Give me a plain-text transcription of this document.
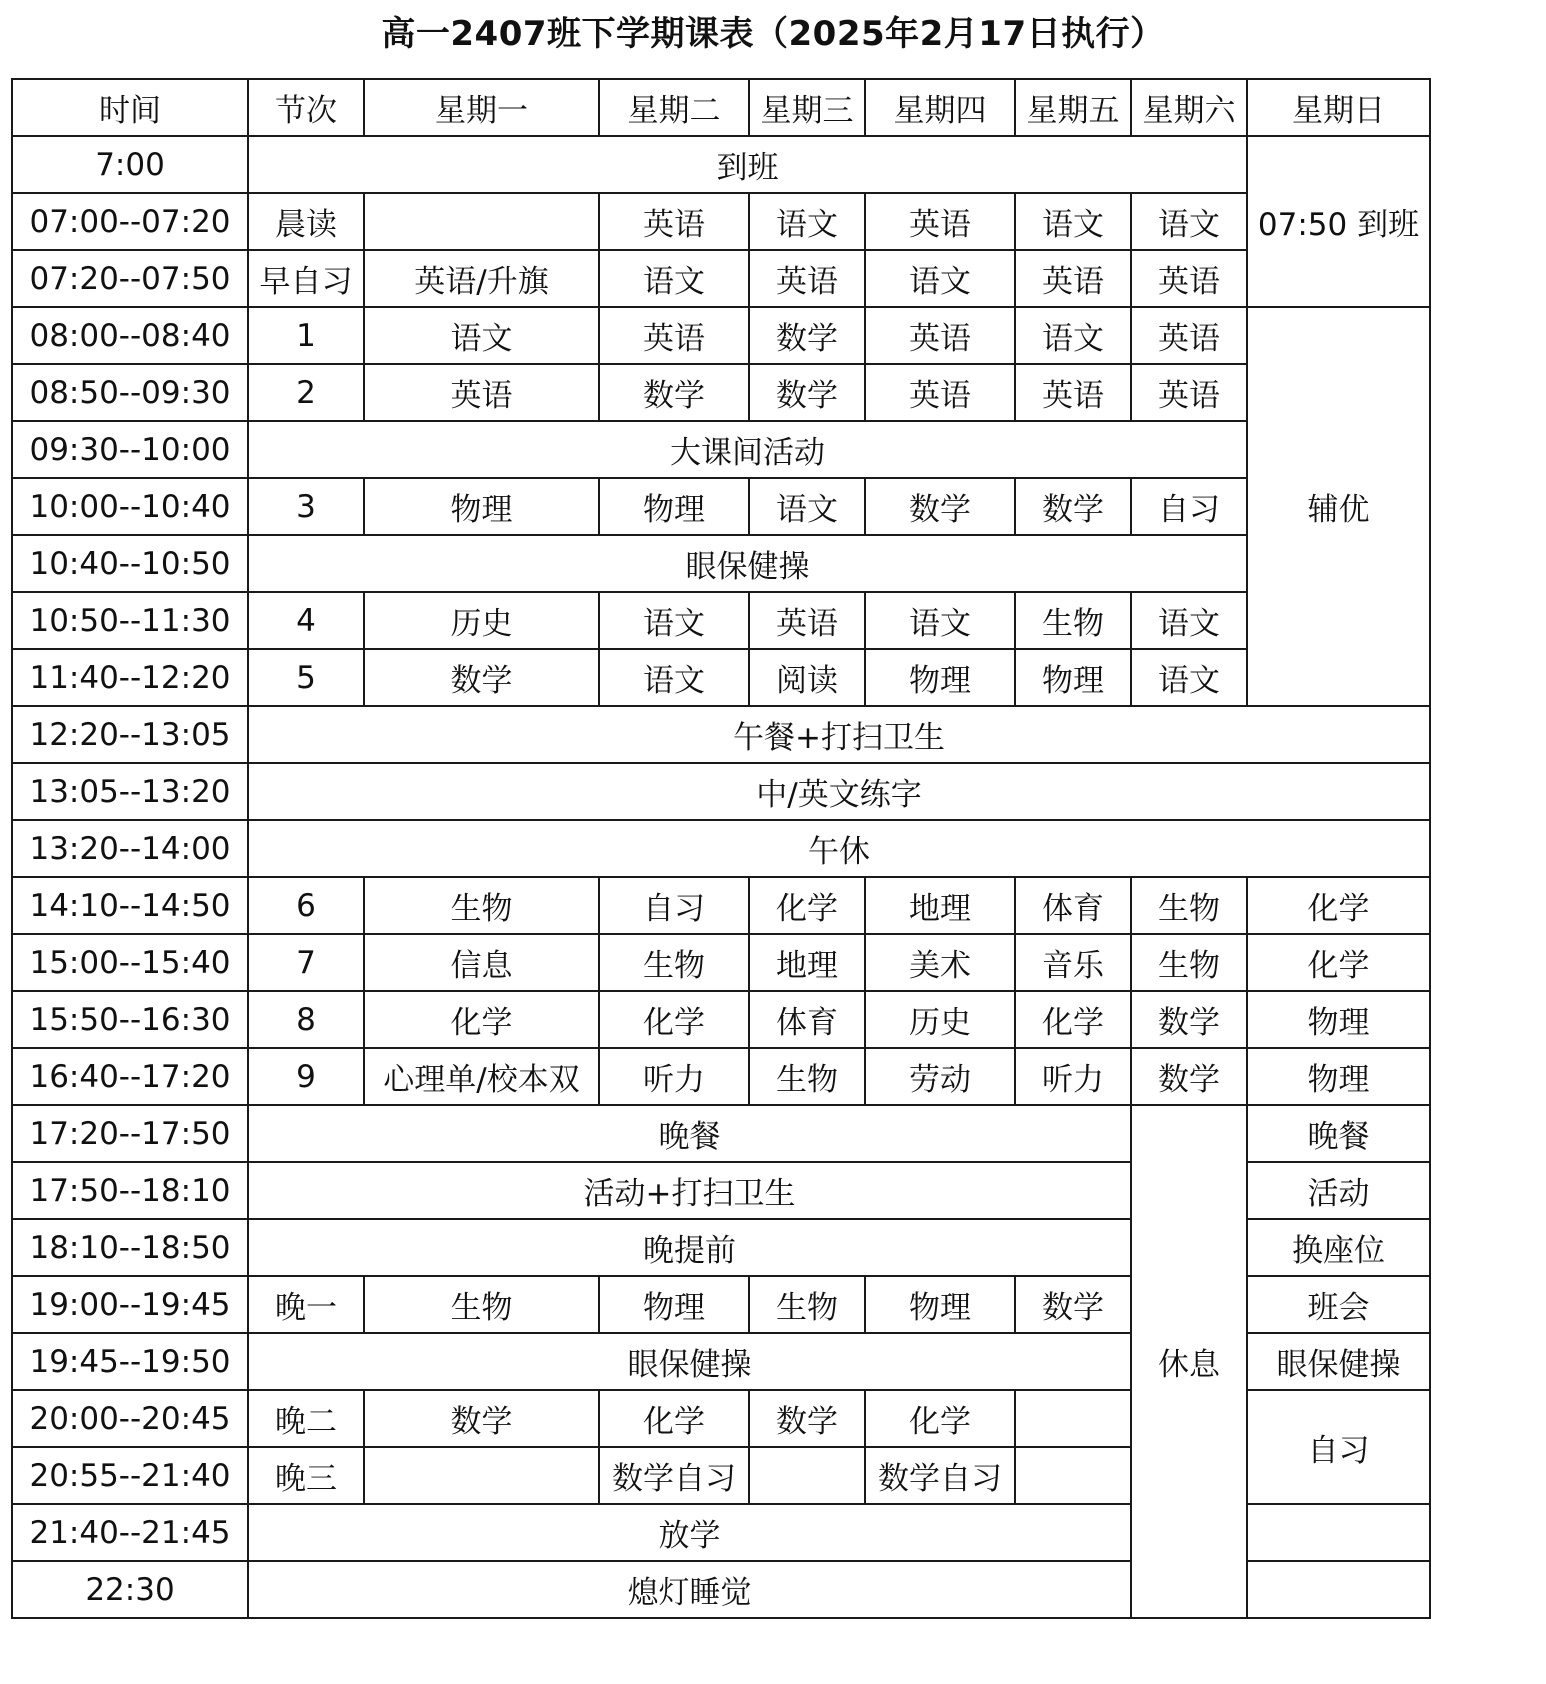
高一2407班下学期课表（2025年2月17日执行）
时间	节次	星期一	星期二	星期三	星期四	星期五	星期六	星期日
7:00	到班							07:50 到班
07:00--07:20	晨读		英语	语文	英语	语文	语文	
07:20--07:50	早自习	英语/升旗	语文	英语	语文	英语	英语	
08:00--08:40	1	语文	英语	数学	英语	语文	英语	辅优
08:50--09:30	2	英语	数学	数学	英语	英语	英语	
09:30--10:00	大课间活动							
10:00--10:40	3	物理	物理	语文	数学	数学	自习	
10:40--10:50	眼保健操							
10:50--11:30	4	历史	语文	英语	语文	生物	语文	
11:40--12:20	5	数学	语文	阅读	物理	物理	语文	
12:20--13:05	午餐+打扫卫生							
13:05--13:20	中/英文练字							
13:20--14:00	午休							
14:10--14:50	6	生物	自习	化学	地理	体育	生物	化学
15:00--15:40	7	信息	生物	地理	美术	音乐	生物	化学
15:50--16:30	8	化学	化学	体育	历史	化学	数学	物理
16:40--17:20	9	心理单/校本双	听力	生物	劳动	听力	数学	物理
17:20--17:50	晚餐						休息	晚餐
17:50--18:10	活动+打扫卫生							活动
18:10--18:50	晚提前							换座位
19:00--19:45	晚一	生物	物理	生物	物理	数学		班会
19:45--19:50	眼保健操							眼保健操
20:00--20:45	晚二	数学	化学	数学	化学			自习
20:55--21:40	晚三		数学自习		数学自习			
21:40--21:45	放学							
22:30	熄灯睡觉							
